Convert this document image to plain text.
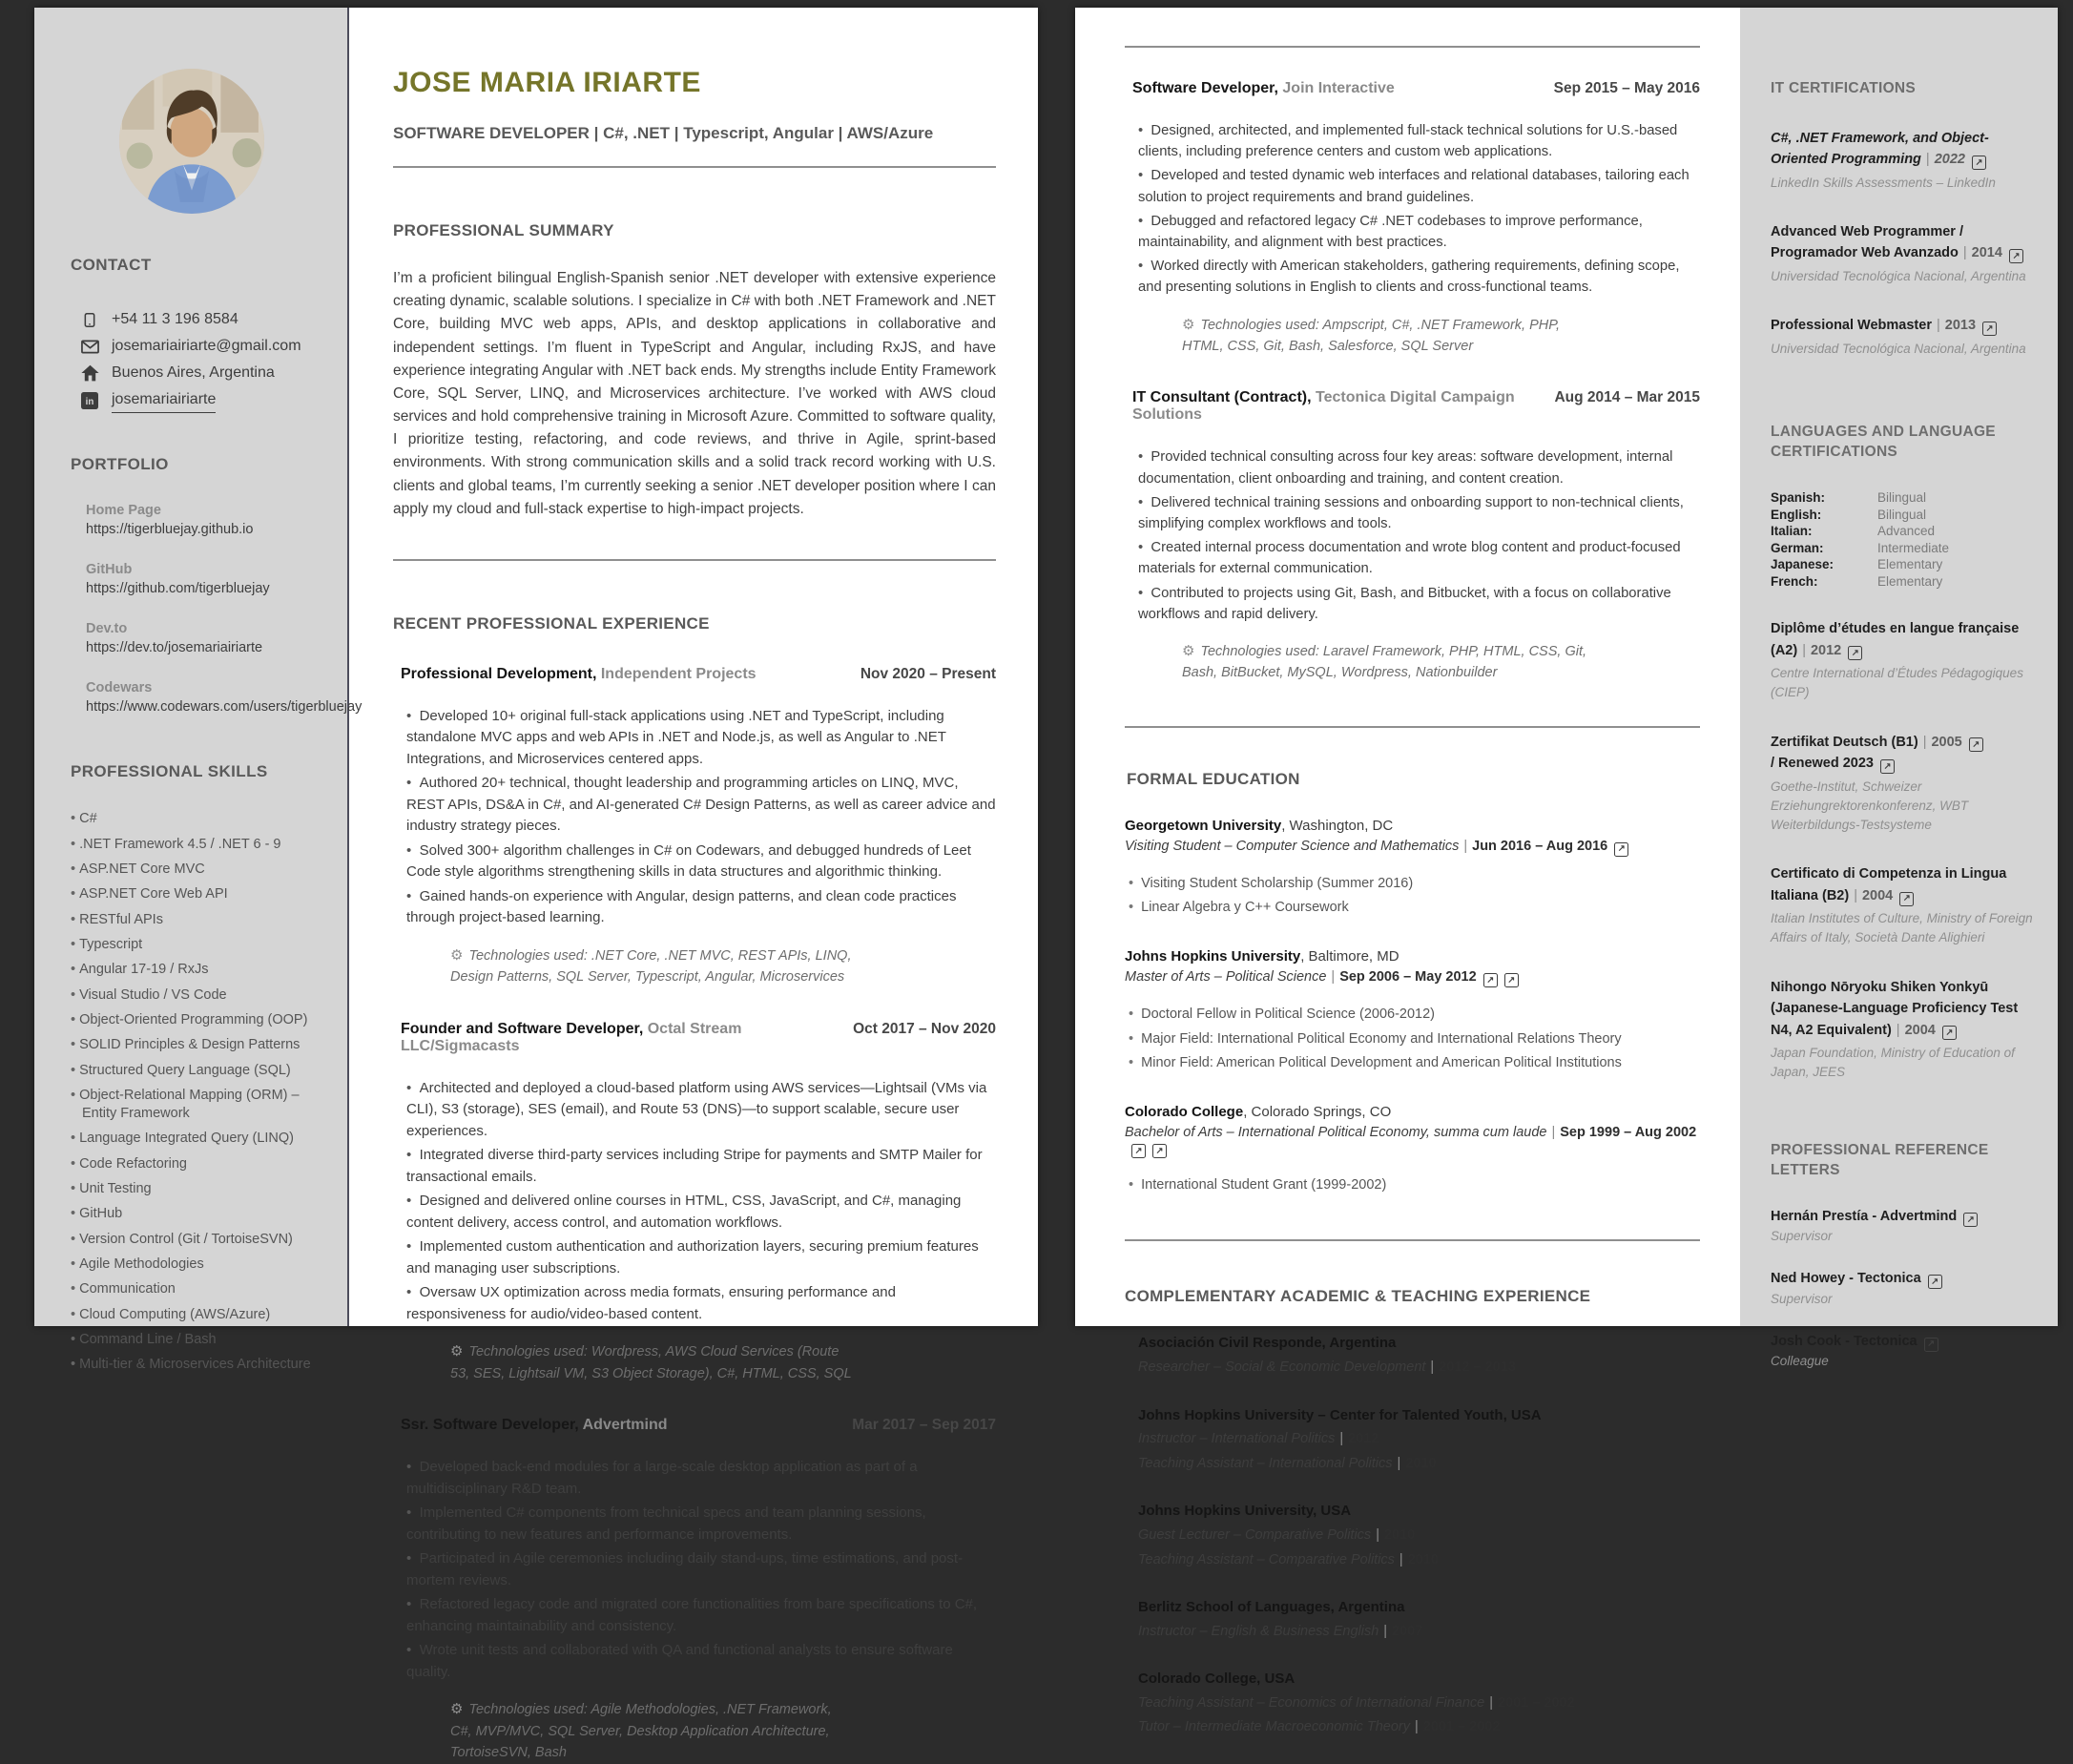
CONTACT
+54 11 3 196 8584
josemariairiarte@gmail.com
Buenos Aires, Argentina
in josemariairiarte
PORTFOLIO
Home Page
https://tigerbluejay.github.io
GitHub
https://github.com/tigerbluejay
Dev.to
https://dev.to/josemariairiarte
Codewars
https://www.codewars.com/users/tigerbluejay
PROFESSIONAL SKILLS
• C#
• .NET Framework 4.5 / .NET 6 - 9
• ASP.NET Core MVC
• ASP.NET Core Web API
• RESTful APIs
• Typescript
• Angular 17-19 / RxJs
• Visual Studio / VS Code
• Object-Oriented Programming (OOP)
• SOLID Principles & Design Patterns
• Structured Query Language (SQL)
• Object-Relational Mapping (ORM) – Entity Framework
• Language Integrated Query (LINQ)
• Code Refactoring
• Unit Testing
• GitHub
• Version Control (Git / TortoiseSVN)
• Agile Methodologies
• Communication
• Cloud Computing (AWS/Azure)
• Command Line / Bash
• Multi-tier & Microservices Architecture
JOSE MARIA IRIARTE
SOFTWARE DEVELOPER | C#, .NET | Typescript, Angular | AWS/Azure
PROFESSIONAL SUMMARY

I’m a proficient bilingual English-Spanish senior .NET developer with extensive experience creating dynamic, scalable solutions. I specialize in C# with both .NET Framework and .NET Core, building MVC web apps, APIs, and desktop applications in collaborative and independent settings. I’m fluent in TypeScript and Angular, including RxJS, and have experience integrating Angular with .NET back ends. My strengths include Entity Framework Core, SQL Server, LINQ, and Microservices architecture. I’ve worked with AWS cloud services and hold comprehensive training in Microsoft Azure. Committed to software quality, I prioritize testing, refactoring, and code reviews, and thrive in Agile, sprint-based environments. With strong communication skills and a solid track record working with U.S. clients and global teams, I’m currently seeking a senior .NET developer position where I can apply my cloud and full-stack expertise to high-impact projects.

RECENT PROFESSIONAL EXPERIENCE
Professional Development, Independent Projects	Nov 2020 – Present
•  Developed 10+ original full-stack applications using .NET and TypeScript, including standalone MVC apps and web APIs in .NET and Node.js, as well as Angular to .NET Integrations, and Microservices centered apps.
•  Authored 20+ technical, thought leadership and programming articles on LINQ, MVC, REST APIs, DS&A in C#, and AI-generated C# Design Patterns, as well as career advice and industry strategy pieces.
•  Solved 300+ algorithm challenges in C# on Codewars, and debugged hundreds of Leet Code style algorithms strengthening skills in data structures and algorithmic thinking.
•  Gained hands-on experience with Angular, design patterns, and clean code practices through project-based learning.
⚙ Technologies used: .NET Core, .NET MVC, REST APIs, LINQ, Design Patterns, SQL Server, Typescript, Angular, Microservices
Founder and Software Developer, Octal Stream LLC/Sigmacasts
Oct 2017 – Nov 2020
•  Architected and deployed a cloud-based platform using AWS services—Lightsail (VMs via CLI), S3 (storage), SES (email), and Route 53 (DNS)—to support scalable, secure user experiences.
•  Integrated diverse third-party services including Stripe for payments and SMTP Mailer for transactional emails.
•  Designed and delivered online courses in HTML, CSS, JavaScript, and C#, managing content delivery, access control, and automation workflows.
•  Implemented custom authentication and authorization layers, securing premium features and managing user subscriptions.
•  Oversaw UX optimization across media formats, ensuring performance and responsiveness for audio/video-based content.
⚙ Technologies used: Wordpress, AWS Cloud Services (Route 53, SES, Lightsail VM, S3 Object Storage), C#, HTML, CSS, SQL
Ssr. Software Developer, Advertmind	Mar 2017 – Sep 2017
•  Developed back-end modules for a large-scale desktop application as part of a multidisciplinary R&D team.
•  Implemented C# components from technical specs and team planning sessions, contributing to new features and performance improvements.
•  Participated in Agile ceremonies including daily stand-ups, time estimations, and post-mortem reviews.
•  Refactored legacy code and migrated core functionalities from bare specifications to C#, enhancing maintainability and consistency.
•  Wrote unit tests and collaborated with QA and functional analysts to ensure software quality.
⚙ Technologies used: Agile Methodologies, .NET Framework, C#, MVP/MVC, SQL Server, Desktop Application Architecture, TortoiseSVN, Bash
Software Developer, Join Interactive	Sep 2015 – May 2016
•  Designed, architected, and implemented full-stack technical solutions for U.S.-based clients, including preference centers and custom web applications.
•  Developed and tested dynamic web interfaces and relational databases, tailoring each solution to project requirements and brand guidelines.
•  Debugged and refactored legacy C# .NET codebases to improve performance, maintainability, and alignment with best practices.
•  Worked directly with American stakeholders, gathering requirements, defining scope, and presenting solutions in English to clients and cross-functional teams.
⚙ Technologies used: Ampscript, C#, .NET Framework, PHP, HTML, CSS, Git, Bash, Salesforce, SQL Server
IT Consultant (Contract), Tectonica Digital Campaign Solutions
Aug 2014 – Mar 2015
•  Provided technical consulting across four key areas: software development, internal documentation, client onboarding and training, and content creation.
•  Delivered technical training sessions and onboarding support to non-technical clients, simplifying complex workflows and tools.
•  Created internal process documentation and wrote blog content and product-focused materials for external communication.
•  Contributed to projects using Git, Bash, and Bitbucket, with a focus on collaborative workflows and rapid delivery.
⚙ Technologies used: Laravel Framework, PHP, HTML, CSS, Git, Bash, BitBucket, MySQL, Wordpress, Nationbuilder
FORMAL EDUCATION
Georgetown University, Washington, DC
Visiting Student – Computer Science and Mathematics | Jun 2016 – Aug 2016 ↗
•  Visiting Student Scholarship (Summer 2016)
•  Linear Algebra y C++ Coursework
Johns Hopkins University, Baltimore, MD
Master of Arts – Political Science | Sep 2006 – May 2012 ↗ ↗
•  Doctoral Fellow in Political Science (2006-2012)
•  Major Field: International Political Economy and International Relations Theory
•  Minor Field: American Political Development and American Political Institutions
Colorado College, Colorado Springs, CO
Bachelor of Arts – International Political Economy, summa cum laude | Sep 1999 – Aug 2002
↗ ↗
•  International Student Grant (1999-2002)
COMPLEMENTARY ACADEMIC & TEACHING EXPERIENCE
Asociación Civil Responde, Argentina
Researcher – Social & Economic Development | 2012 – 2013
Johns Hopkins University – Center for Talented Youth, USA
Instructor – International Politics | 2012
Teaching Assistant – International Politics | 2010
Johns Hopkins University, USA
Guest Lecturer – Comparative Politics | 2010
Teaching Assistant – Comparative Politics | 2010
Berlitz School of Languages, Argentina
Instructor – English & Business English | 2007
Colorado College, USA
Teaching Assistant – Economics of International Finance | 2001 – 2002
Tutor – Intermediate Macroeconomic Theory | 2001 – 2002
IT CERTIFICATIONS
C#, .NET Framework, and Object-Oriented Programming | 2022 ↗
LinkedIn Skills Assessments – LinkedIn
Advanced Web Programmer / Programador Web Avanzado | 2014 ↗
Universidad Tecnológica Nacional, Argentina
Professional Webmaster | 2013 ↗
Universidad Tecnológica Nacional, Argentina
LANGUAGES AND LANGUAGE CERTIFICATIONS
Spanish:	Bilingual
English:	Bilingual
Italian:	Advanced
German:	Intermediate
Japanese:	Elementary
French:	Elementary
Diplôme d’études en langue française (A2) | 2012 ↗
Centre International d’Études Pédagogiques (CIEP)
Zertifikat Deutsch (B1) | 2005 ↗

/ Renewed 2023 ↗
Goethe-Institut, Schweizer Erziehungrektorenkonferenz, WBT Weiterbildungs-Testsysteme
Certificato di Competenza in Lingua Italiana (B2) | 2004 ↗
Italian Institutes of Culture, Ministry of Foreign Affairs of Italy, Società Dante Alighieri
Nihongo Nōryoku Shiken Yonkyū (Japanese-Language Proficiency Test N4, A2 Equivalent) | 2004 ↗
Japan Foundation, Ministry of Education of Japan, JEES
PROFESSIONAL REFERENCE LETTERS
Hernán Prestía - Advertmind ↗
Supervisor
Ned Howey - Tectonica ↗
Supervisor
Josh Cook - Tectonica ↗
Colleague
